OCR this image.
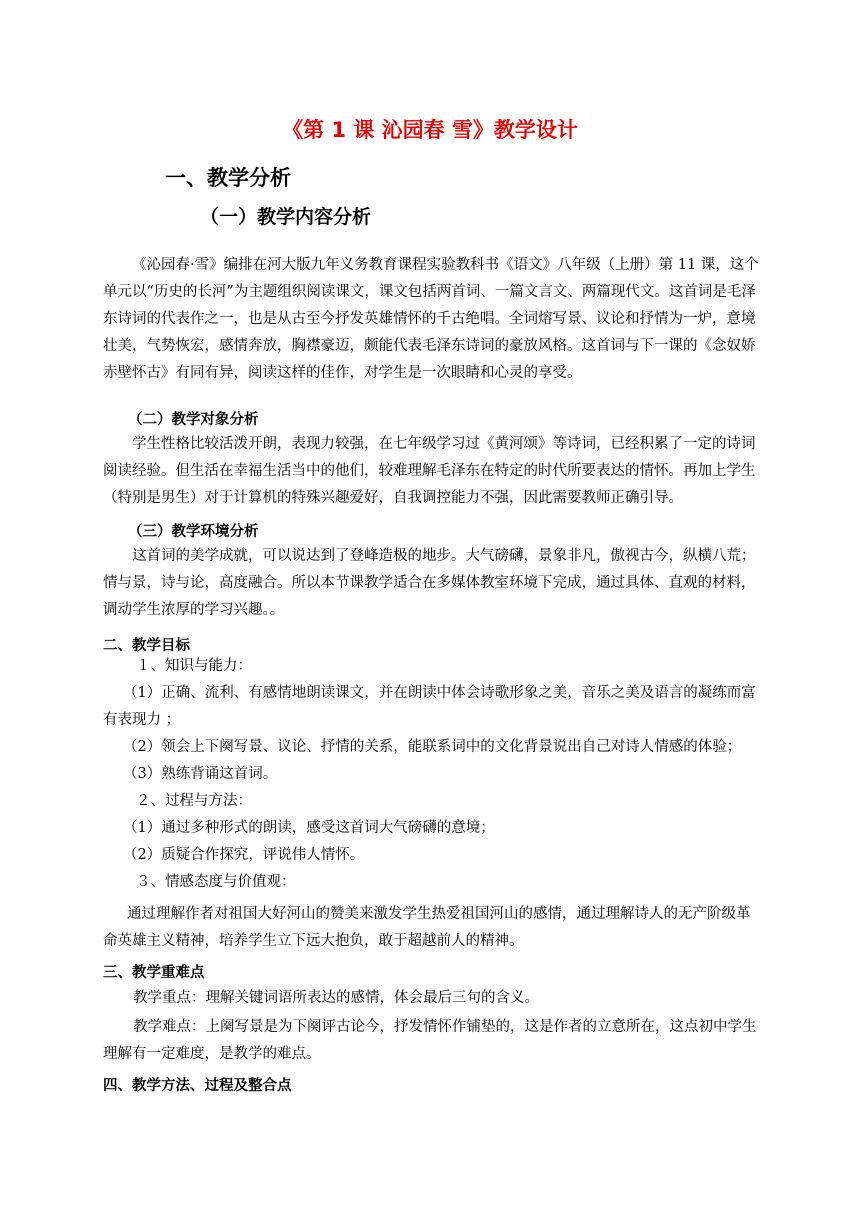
《第 1 课 沁园春 雪》教学设计
一、教学分析
（一）教学内容分析

《沁园春·雪》编排在河大版九年义务教育课程实验教科书《语文》八年级（上册）第 11 课，这个单元以“历史的长河”为主题组织阅读课文，课文包括两首词、一篇文言文、两篇现代文。这首词是毛泽东诗词的代表作之一，也是从古至今抒发英雄情怀的千古绝唱。全词熔写景、议论和抒情为一炉，意境壮美，气势恢宏，感情奔放，胸襟豪迈，颇能代表毛泽东诗词的豪放风格。这首词与下一课的《念奴娇 赤壁怀古》有同有异，阅读这样的佳作，对学生是一次眼睛和心灵的享受。

（二）教学对象分析

学生性格比较活泼开朗，表现力较强，在七年级学习过《黄河颂》等诗词，已经积累了一定的诗词阅读经验。但生活在幸福生活当中的他们，较难理解毛泽东在特定的时代所要表达的情怀。再加上学生（特别是男生）对于计算机的特殊兴趣爱好，自我调控能力不强，因此需要教师正确引导。

（三）教学环境分析

这首词的美学成就，可以说达到了登峰造极的地步。大气磅礴，景象非凡，傲视古今，纵横八荒；情与景，诗与论，高度融合。所以本节课教学适合在多媒体教室环境下完成，通过具体、直观的材料，调动学生浓厚的学习兴趣。。

二、教学目标
１、知识与能力：

（1）正确、流利、有感情地朗读课文，并在朗读中体会诗歌形象之美，音乐之美及语言的凝练而富有表现力 ；

（2）领会上下阕写景、议论、抒情的关系，能联系词中的文化背景说出自己对诗人情感的体验；
（3）熟练背诵这首词。
２、过程与方法：
（1）通过多种形式的朗读，感受这首词大气磅礴的意境；
（2）质疑合作探究，评说伟人情怀。
３、情感态度与价值观：

通过理解作者对祖国大好河山的赞美来激发学生热爱祖国河山的感情，通过理解诗人的无产阶级革命英雄主义精神，培养学生立下远大抱负，敢于超越前人的精神。

三、教学重难点
教学重点：理解关键词语所表达的感情，体会最后三句的含义。

教学难点：上阕写景是为下阕评古论今，抒发情怀作铺垫的，这是作者的立意所在，这点初中学生理解有一定难度，是教学的难点。

四、教学方法、过程及整合点
